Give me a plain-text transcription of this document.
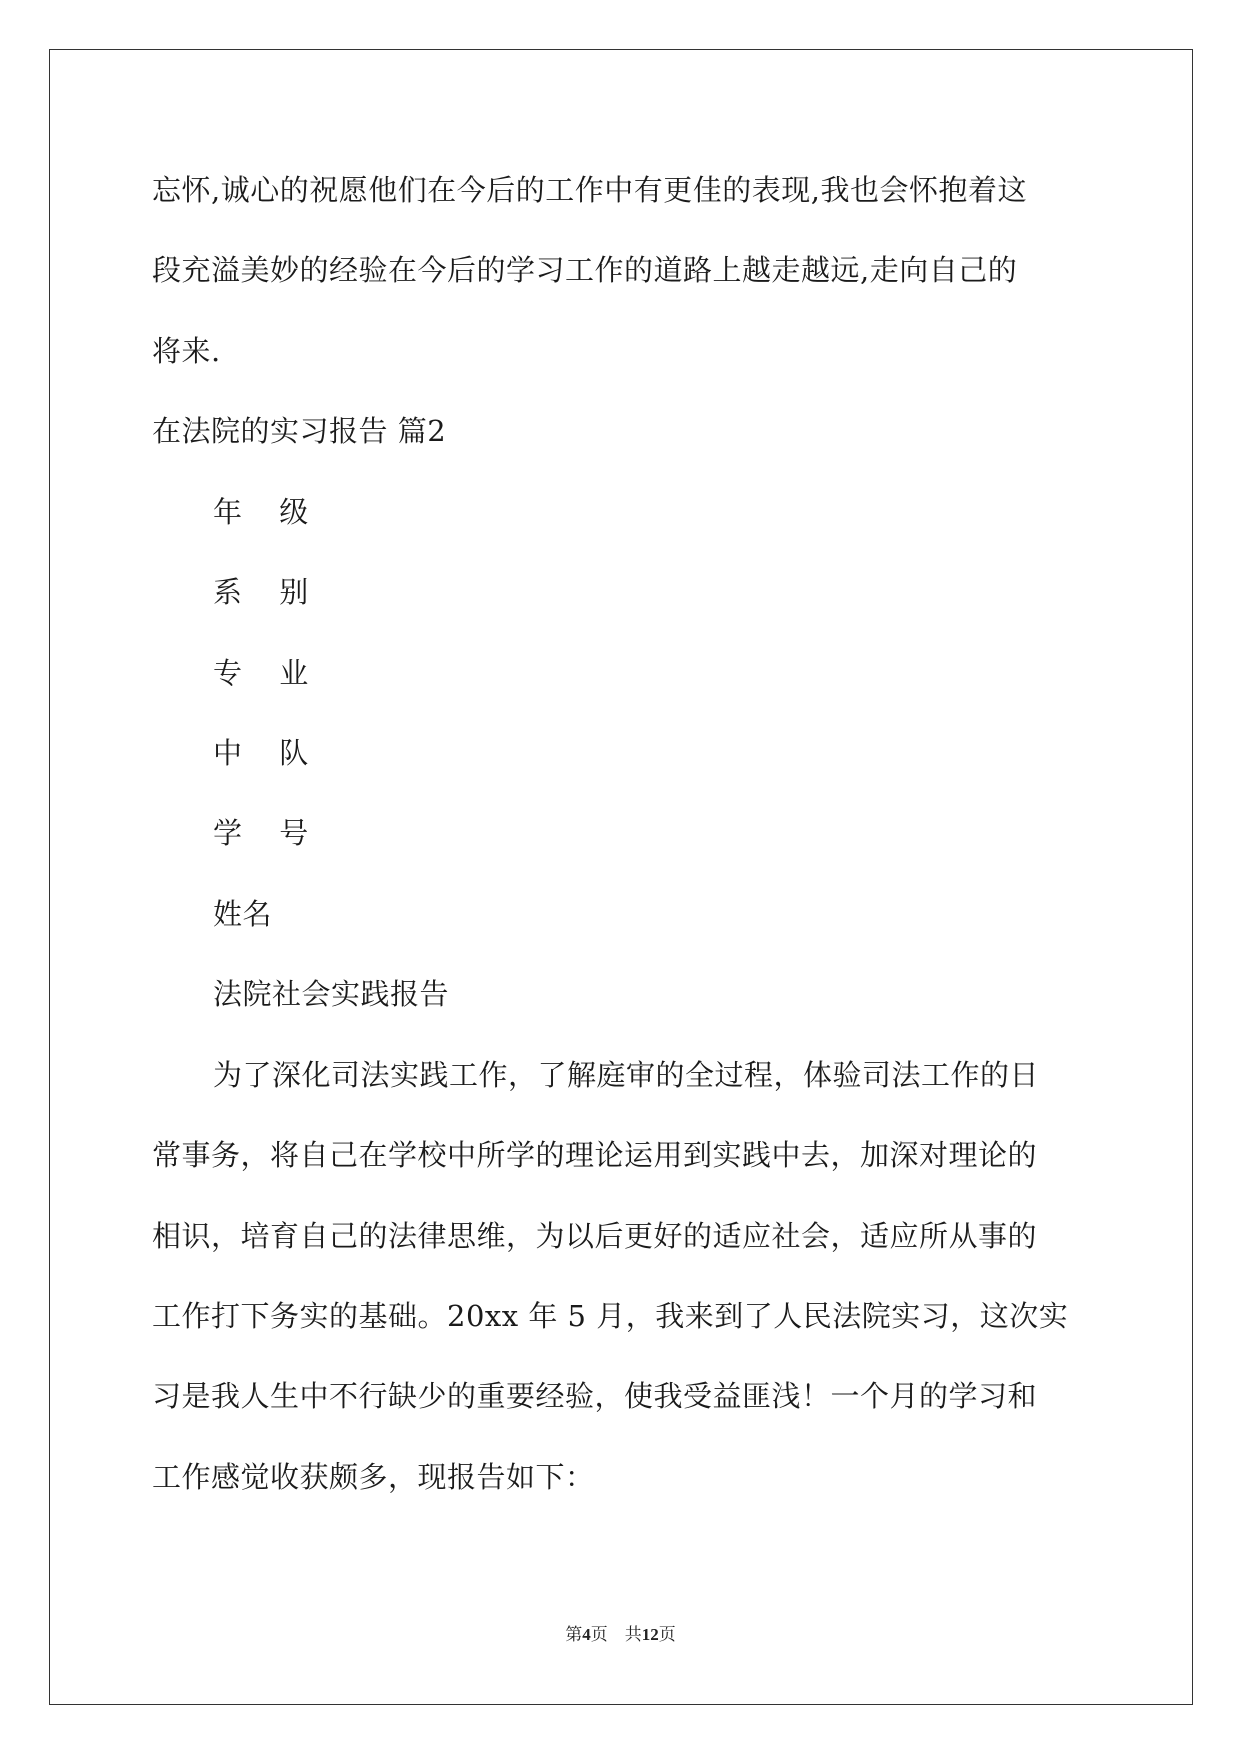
忘怀,诚心的祝愿他们在今后的工作中有更佳的表现,我也会怀抱着这
段充溢美妙的经验在今后的学习工作的道路上越走越远,走向自己的
将来.
在法院的实习报告 篇2
年 级
系 别
专 业
中 队
学 号
姓名
法院社会实践报告
为了深化司法实践工作，了解庭审的全过程，体验司法工作的日
常事务，将自己在学校中所学的理论运用到实践中去，加深对理论的
相识，培育自己的法律思维，为以后更好的适应社会，适应所从事的
工作打下务实的基础。20xx 年 5 月，我来到了人民法院实习，这次实
习是我人生中不行缺少的重要经验，使我受益匪浅！一个月的学习和
工作感觉收获颇多，现报告如下：
第4页　共12页
